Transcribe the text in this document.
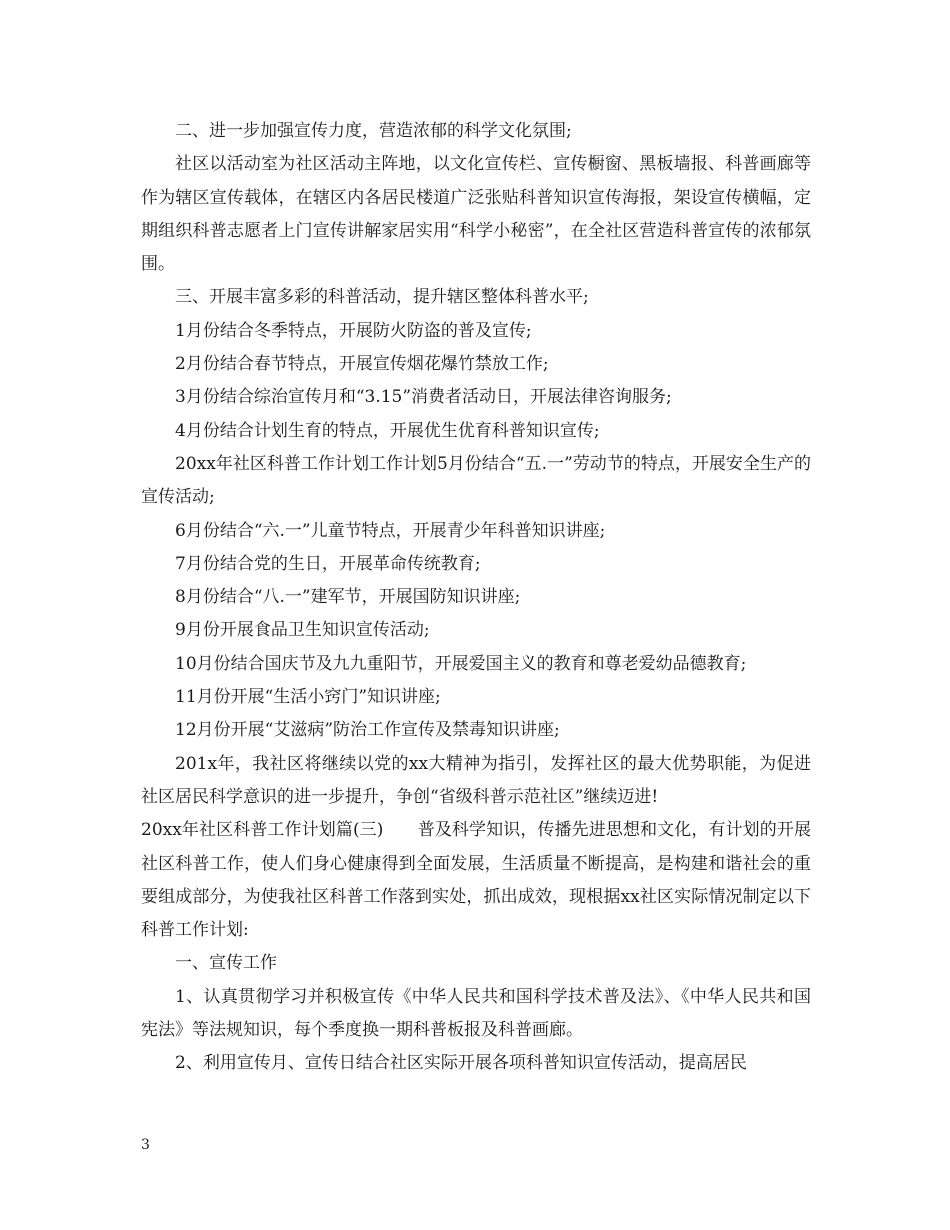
二、进一步加强宣传力度，营造浓郁的科学文化氛围;

社区以活动室为社区活动主阵地，以文化宣传栏、宣传橱窗、黑板墙报、科普画廊等作为辖区宣传载体，在辖区内各居民楼道广泛张贴科普知识宣传海报，架设宣传横幅，定期组织科普志愿者上门宣传讲解家居实用“科学小秘密”，在全社区营造科普宣传的浓郁氛围。

三、开展丰富多彩的科普活动，提升辖区整体科普水平;

1月份结合冬季特点，开展防火防盗的普及宣传;

2月份结合春节特点，开展宣传烟花爆竹禁放工作;

3月份结合综治宣传月和“3.15”消费者活动日，开展法律咨询服务;

4月份结合计划生育的特点，开展优生优育科普知识宣传;

20xx年社区科普工作计划工作计划5月份结合“五.一”劳动节的特点，开展安全生产的宣传活动;

6月份结合“六.一”儿童节特点，开展青少年科普知识讲座;

7月份结合党的生日，开展革命传统教育;

8月份结合“八.一”建军节，开展国防知识讲座;

9月份开展食品卫生知识宣传活动;

10月份结合国庆节及九九重阳节，开展爱国主义的教育和尊老爱幼品德教育;

11月份开展“生活小窍门”知识讲座;

12月份开展“艾滋病”防治工作宣传及禁毒知识讲座;

201x年，我社区将继续以党的xx大精神为指引，发挥社区的最大优势职能，为促进社区居民科学意识的进一步提升，争创“省级科普示范社区”继续迈进!

20xx年社区科普工作计划篇(三)　　普及科学知识，传播先进思想和文化，有计划的开展社区科普工作，使人们身心健康得到全面发展，生活质量不断提高，是构建和谐社会的重要组成部分，为使我社区科普工作落到实处，抓出成效，现根据xx社区实际情况制定以下科普工作计划:

一、宣传工作

1、认真贯彻学习并积极宣传《中华人民共和国科学技术普及法》、《中华人民共和国宪法》等法规知识，每个季度换一期科普板报及科普画廊。

2、利用宣传月、宣传日结合社区实际开展各项科普知识宣传活动，提高居民

3
